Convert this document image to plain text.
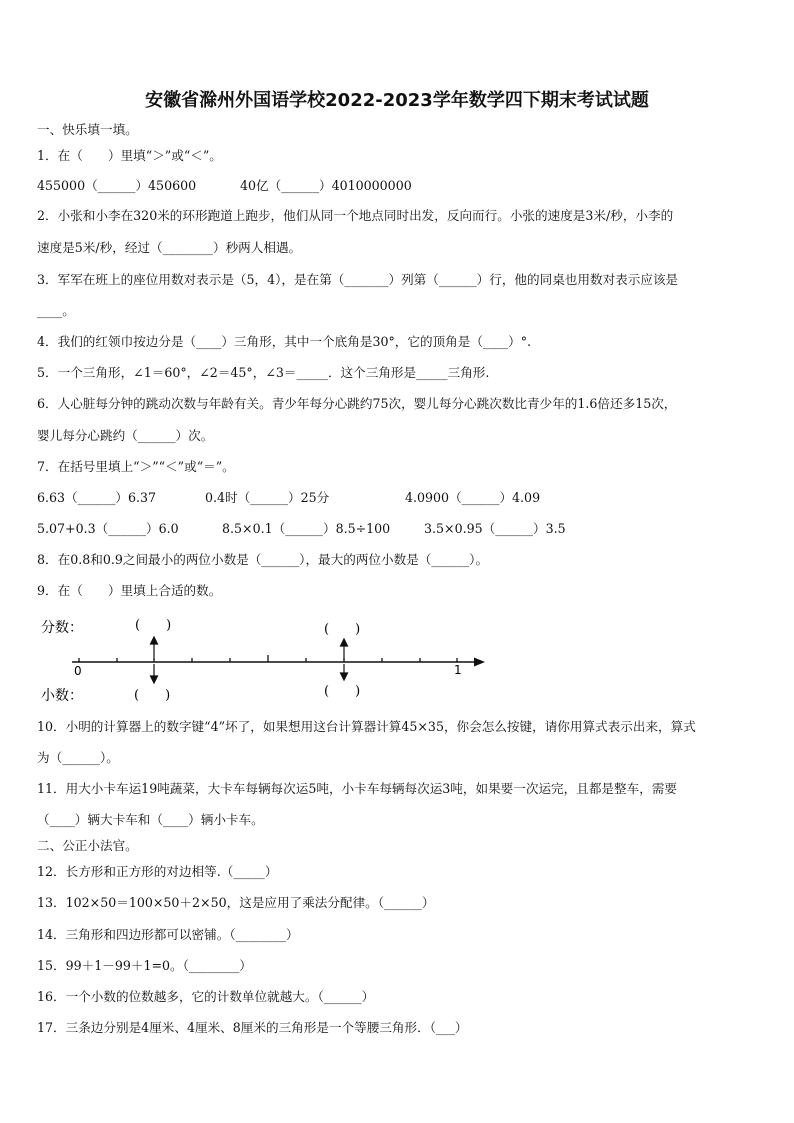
安徽省滁州外国语学校2022-2023学年数学四下期末考试试题
一、快乐填一填。
1．在（　　）里填“＞”或“＜”。
455000（______）450600	40亿（______）4010000000
2．小张和小李在320米的环形跑道上跑步，他们从同一个地点同时出发，反向而行。小张的速度是3米/秒，小李的
速度是5米/秒，经过（________）秒两人相遇。
3．军军在班上的座位用数对表示是（5，4），是在第（_______）列第（______）行，他的同桌也用数对表示应该是
____。
4．我们的红领巾按边分是（____）三角形，其中一个底角是30°，它的顶角是（____）°.
5．一个三角形，∠1＝60°，∠2＝45°，∠3＝_____．这个三角形是_____三角形.
6．人心脏每分钟的跳动次数与年龄有关。青少年每分心跳约75次，婴儿每分心跳次数比青少年的1.6倍还多15次，
婴儿每分心跳约（______）次。
7．在括号里填上“＞”“＜”或“＝”。
6.63（______）6.37	0.4时（______）25分	4.0900（______）4.09
5.07+0.3（______）6.0	8.5×0.1（______）8.5÷100	3.5×0.95（______）3.5
8．在0.8和0.9之间最小的两位小数是（______），最大的两位小数是（______）。
9．在（　　）里填上合适的数。
分数：
小数：
(　　)	(　　)
(　　)	(　　)
0	1
10．小明的计算器上的数字键“4”坏了，如果想用这台计算器计算45×35，你会怎么按键，请你用算式表示出来，算式
为（______）。
11．用大小卡车运19吨蔬菜，大卡车每辆每次运5吨，小卡车每辆每次运3吨，如果要一次运完，且都是整车，需要
（____）辆大卡车和（____）辆小卡车。
二、公正小法官。
12．长方形和正方形的对边相等.（_____）
13．102×50＝100×50＋2×50，这是应用了乘法分配律。（______）
14．三角形和四边形都可以密铺。（________）
15．99＋1－99＋1=0。（________）
16．一个小数的位数越多，它的计数单位就越大。（______）
17．三条边分别是4厘米、4厘米、8厘米的三角形是一个等腰三角形．（___）
